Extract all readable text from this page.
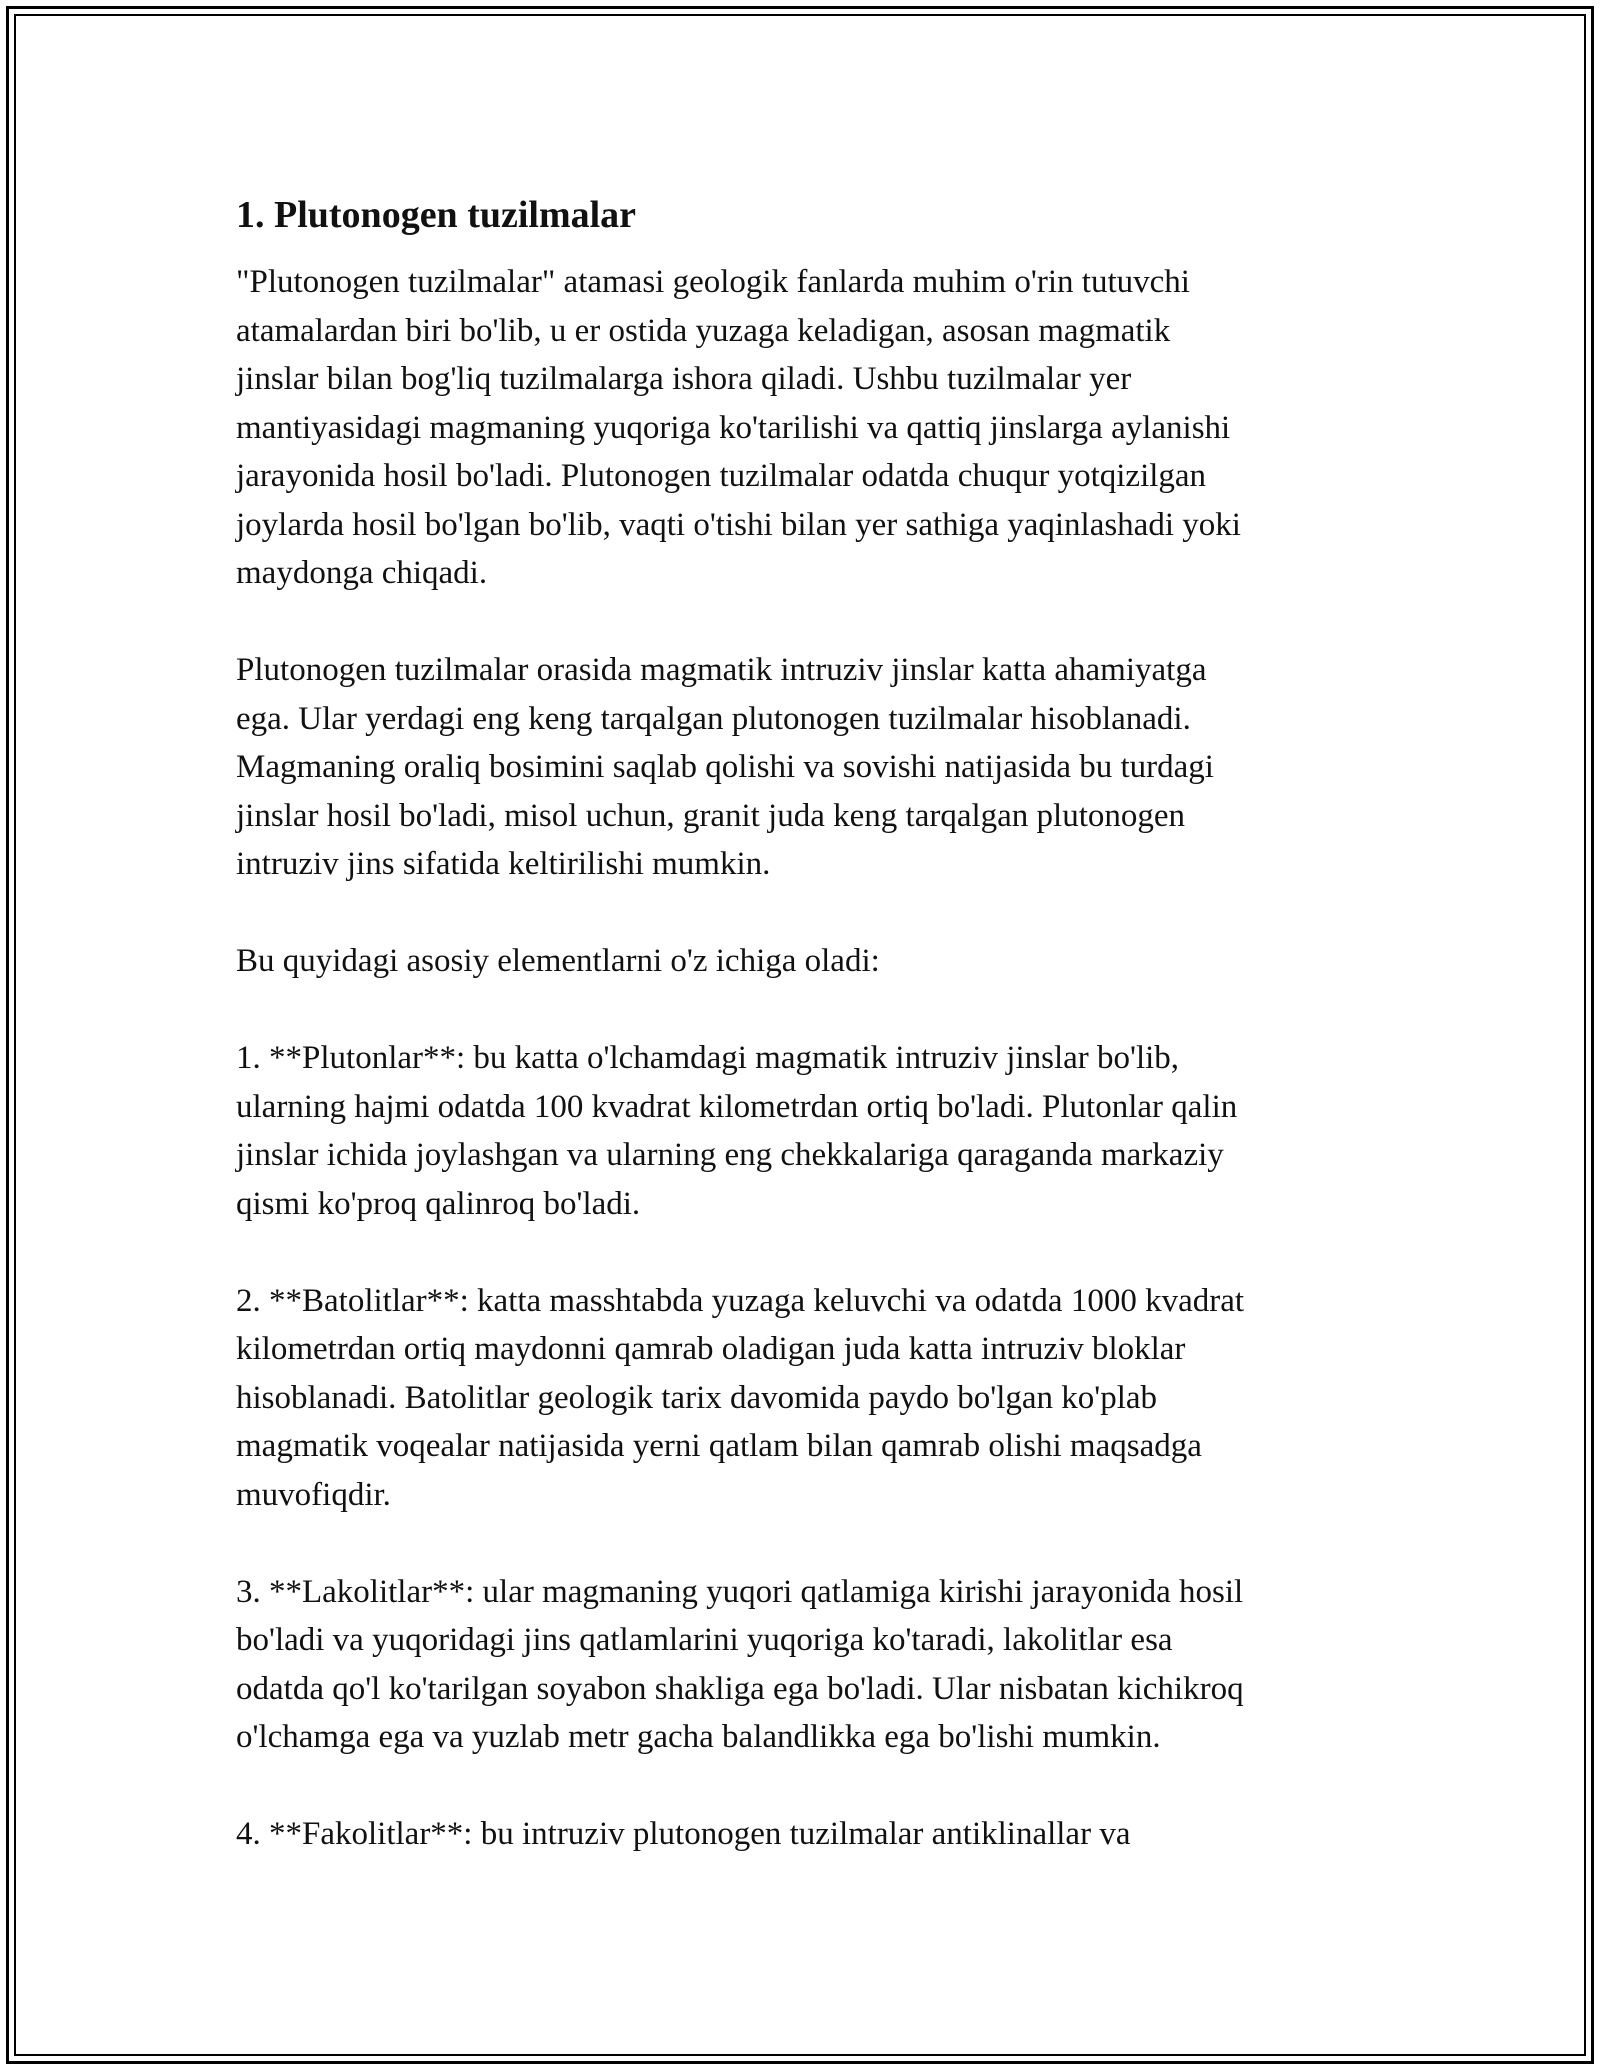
1. Plutonogen tuzilmalar

"Plutonogen tuzilmalar" atamasi geologik fanlarda muhim o'rin tutuvchi
atamalardan biri bo'lib, u er ostida yuzaga keladigan, asosan magmatik
jinslar bilan bog'liq tuzilmalarga ishora qiladi. Ushbu tuzilmalar yer
mantiyasidagi magmaning yuqoriga ko'tarilishi va qattiq jinslarga aylanishi
jarayonida hosil bo'ladi. Plutonogen tuzilmalar odatda chuqur yotqizilgan
joylarda hosil bo'lgan bo'lib, vaqti o'tishi bilan yer sathiga yaqinlashadi yoki
maydonga chiqadi.

Plutonogen tuzilmalar orasida magmatik intruziv jinslar katta ahamiyatga
ega. Ular yerdagi eng keng tarqalgan plutonogen tuzilmalar hisoblanadi.
Magmaning oraliq bosimini saqlab qolishi va sovishi natijasida bu turdagi
jinslar hosil bo'ladi, misol uchun, granit juda keng tarqalgan plutonogen
intruziv jins sifatida keltirilishi mumkin.

Bu quyidagi asosiy elementlarni o'z ichiga oladi:

1. **Plutonlar**: bu katta o'lchamdagi magmatik intruziv jinslar bo'lib,
ularning hajmi odatda 100 kvadrat kilometrdan ortiq bo'ladi. Plutonlar qalin
jinslar ichida joylashgan va ularning eng chekkalariga qaraganda markaziy
qismi ko'proq qalinroq bo'ladi.

2. **Batolitlar**: katta masshtabda yuzaga keluvchi va odatda 1000 kvadrat
kilometrdan ortiq maydonni qamrab oladigan juda katta intruziv bloklar
hisoblanadi. Batolitlar geologik tarix davomida paydo bo'lgan ko'plab
magmatik voqealar natijasida yerni qatlam bilan qamrab olishi maqsadga
muvofiqdir.

3. **Lakolitlar**: ular magmaning yuqori qatlamiga kirishi jarayonida hosil
bo'ladi va yuqoridagi jins qatlamlarini yuqoriga ko'taradi, lakolitlar esa
odatda qo'l ko'tarilgan soyabon shakliga ega bo'ladi. Ular nisbatan kichikroq
o'lchamga ega va yuzlab metr gacha balandlikka ega bo'lishi mumkin.

4. **Fakolitlar**: bu intruziv plutonogen tuzilmalar antiklinallar va
